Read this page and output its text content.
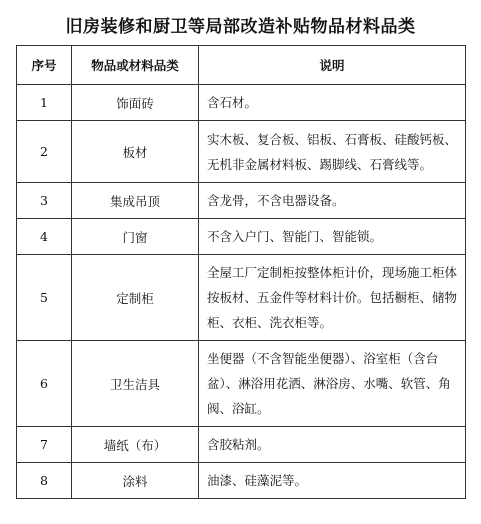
旧房装修和厨卫等局部改造补贴物品材料品类
序号	物品或材料品类	说明
1	饰面砖	含石材。
2	板材	实木板、复合板、铝板、石膏板、硅酸钙板、无机非金属材料板、踢脚线、石膏线等。
3	集成吊顶	含龙骨，不含电器设备。
4	门窗	不含入户门、智能门、智能锁。
5	定制柜	全屋工厂定制柜按整体柜计价，现场施工柜体按板材、五金件等材料计价。包括橱柜、储物柜、衣柜、洗衣柜等。
6	卫生洁具	坐便器（不含智能坐便器）、浴室柜（含台盆）、淋浴用花洒、淋浴房、水嘴、软管、角阀、浴缸。
7	墙纸（布）	含胶粘剂。
8	涂料	油漆、硅藻泥等。
